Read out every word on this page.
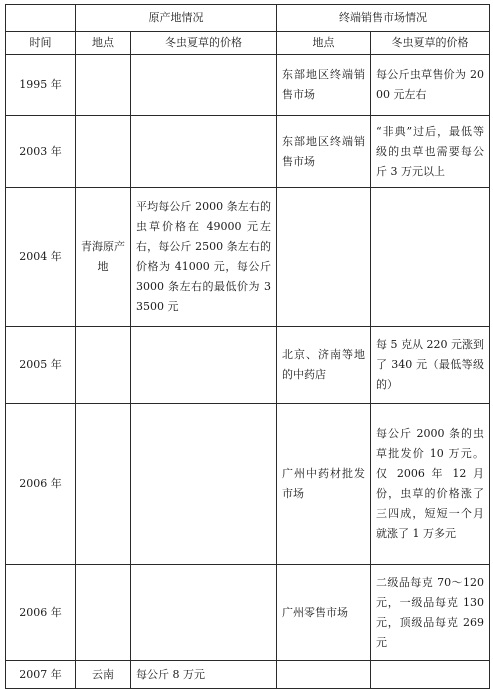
	原产地情况		终端销售市场情况	
时间	地点	冬虫夏草的价格	地点	冬虫夏草的价格
1995 年			东部地区终端销售市场	每公斤虫草售价为 2000 元左右
2003 年			东部地区终端销售市场	“非典”过后，最低等级的虫草也需要每公斤 3 万元以上
2004 年	青海原产地	平均每公斤 2000 条左右的虫草价格在 49000 元左右，每公斤 2500 条左右的价格为 41000 元，每公斤 3000 条左右的最低价为 33500 元		
2005 年			北京、济南等地的中药店	每 5 克从 220 元涨到了 340 元（最低等级的）
2006 年			广州中药材批发市场	每公斤 2000 条的虫草批发价 10 万元。仅 2006 年 12 月份，虫草的价格涨了三四成，短短一个月就涨了 1 万多元
2006 年			广州零售市场	二级品每克 70～120 元，一级品每克 130 元，顶级品每克 269 元
2007 年	云南	每公斤 8 万元		
